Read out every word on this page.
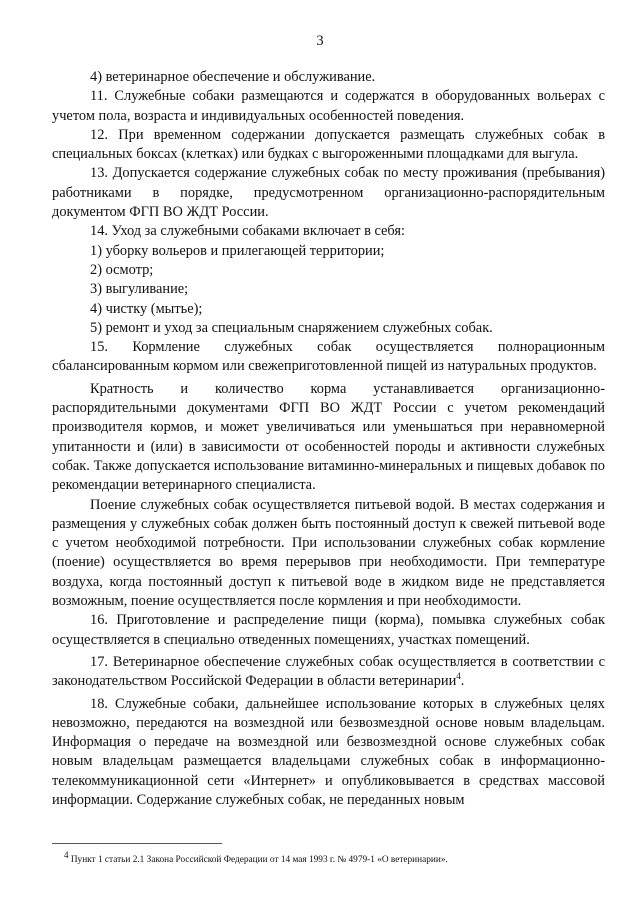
3

4) ветеринарное обеспечение и обслуживание.

11. Служебные собаки размещаются и содержатся в оборудованных вольерах с учетом пола, возраста и индивидуальных особенностей поведения.

12. При временном содержании допускается размещать служебных собак в специальных боксах (клетках) или будках с выгороженными площадками для выгула.

13. Допускается содержание служебных собак по месту проживания (пребывания) работниками в порядке, предусмотренном организационно-распорядительным документом ФГП ВО ЖДТ России.

14. Уход за служебными собаками включает в себя:

1) уборку вольеров и прилегающей территории;

2) осмотр;

3) выгуливание;

4) чистку (мытье);

5) ремонт и уход за специальным снаряжением служебных собак.

15. Кормление служебных собак осуществляется полнорационным сбалансированным кормом или свежеприготовленной пищей из натуральных продуктов.

Кратность и количество корма устанавливается организационно-распорядительными документами ФГП ВО ЖДТ России с учетом рекомендаций производителя кормов, и может увеличиваться или уменьшаться при неравномерной упитанности и (или) в зависимости от особенностей породы и активности служебных собак. Также допускается использование витаминно-минеральных и пищевых добавок по рекомендации ветеринарного специалиста.

Поение служебных собак осуществляется питьевой водой. В местах содержания и размещения у служебных собак должен быть постоянный доступ к свежей питьевой воде с учетом необходимой потребности. При использовании служебных собак кормление (поение) осуществляется во время перерывов при необходимости. При температуре воздуха, когда постоянный доступ к питьевой воде в жидком виде не представляется возможным, поение осуществляется после кормления и при необходимости.

16. Приготовление и распределение пищи (корма), помывка служебных собак осуществляется в специально отведенных помещениях, участках помещений.

17. Ветеринарное обеспечение служебных собак осуществляется в соответствии с законодательством Российской Федерации в области ветеринарии$^4$.

18. Служебные собаки, дальнейшее использование которых в служебных целях невозможно, передаются на возмездной или безвозмездной основе новым владельцам. Информация о передаче на возмездной или безвозмездной основе служебных собак новым владельцам размещается владельцами служебных собак в информационно-телекоммуникационной сети «Интернет» и опубликовывается в средствах массовой информации. Содержание служебных собак, не переданных новым

$^4$ Пункт 1 статьи 2.1 Закона Российской Федерации от 14 мая 1993 г. № 4979-1 «О ветеринарии».
